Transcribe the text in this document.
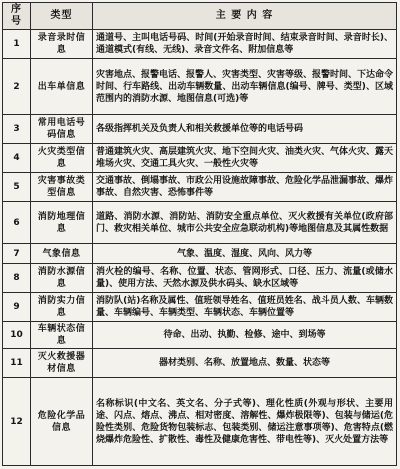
序号	类型	主 要 内 容
1	录音录时信息	通道号、主叫电话号码、时间(开始录音时间、结束录音时间、录音时长)、通道模式(有线、无线)、录音文件名、附加信息等
2	出车单信息	灾害地点、报警电话、报警人、灾害类型、灾害等级、报警时间、下达命令时间、行车路线、出动车辆数量、出动车辆信息(编号、牌号、类型)、区域范围内的消防水源、地图信息(可选)等
3	常用电话号码信息	各级指挥机关及负责人和相关救援单位等的电话号码
4	火灾类型信息	普通建筑火灾、高层建筑火灾、地下空间火灾、油类火灾、气体火灾、露天堆场火灾、交通工具火灾、一般性火灾等
5	灾害事故类型信息	交通事故、倒塌事故、市政公用设施故障事故、危险化学品泄漏事故、爆炸事故、自然灾害、恐怖事件等
6	消防地理信息	道路、消防水源、消防站、消防安全重点单位、灭火救援有关单位(政府部门、救灾相关单位、城市公共安全应急联动机构)等地图信息及其属性数据
7	气象信息	气象、温度、湿度、风向、风力等
8	消防水源信息	消火栓的编号、名称、位置、状态、管网形式、口径、压力、流量(或储水量)、使用方法、天然水源及供水码头、缺水区域等
9	消防实力信息	消防队(站)名称及属性、值班领导姓名、值班员姓名、战斗员人数、车辆数量、车辆编号、车辆类型、车辆状态、车辆位置等
10	车辆状态信息	待命、出动、执勤、检修、途中、到场等
11	灭火救援器材信息	器材类别、名称、放置地点、数量、状态等
12	危险化学品信息	名称标识(中文名、英文名、分子式等)、理化性质(外观与形状、主要用途、闪点、熔点、沸点、相对密度、溶解性、爆炸极限等)、包装与储运(危险性类别、危险货物包装标志、包装类别、储运注意事项等)、危害特点(燃烧爆炸危险性、扩散性、毒性及健康危害性、带电性等)、灭火处置方法等
